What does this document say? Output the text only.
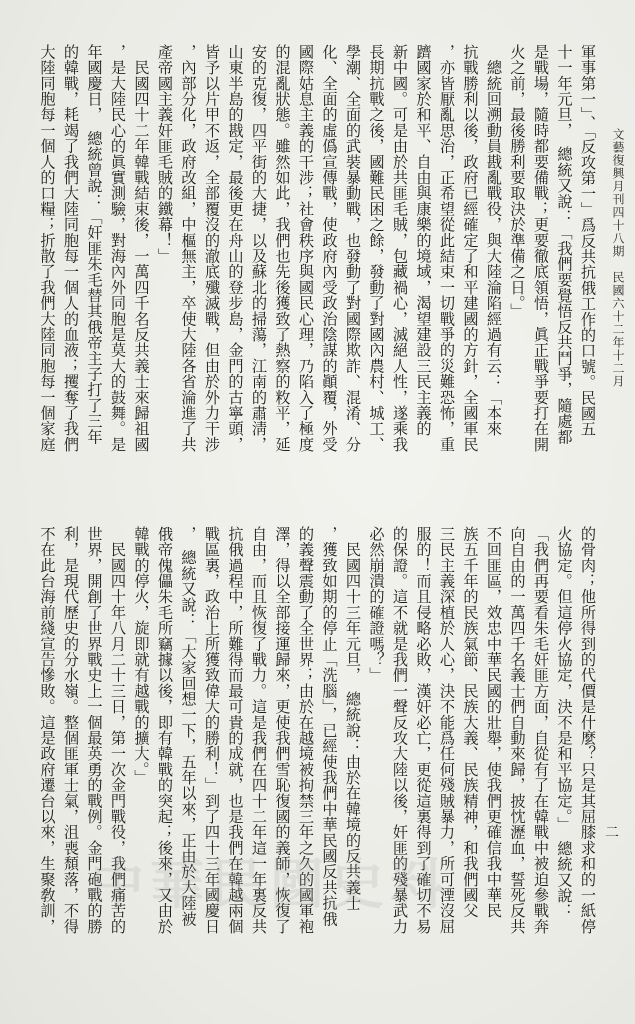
文藝復興月刊四十八期　民國六十二年十二月
二
軍事第一」、「反攻第一」爲反共抗俄工作的口號。民國五
十一年元旦，　總統又說：「我們要覺悟反共鬥爭，隨處都
是戰場，隨時都要備戰；更要徹底領悟，眞正戰爭要打在開
火之前，最後勝利要取決於準備之日。」
　總統回溯動員戡亂戰役，與大陸淪陷經過有云：「本來
抗戰勝利以後，政府已經確定了和平建國的方針，全國軍民
，亦皆厭亂思治，正希望從此結束一切戰爭的災難恐怖，重
躋國家於和平、自由與康樂的境域，渴望建設三民主義的
新中國。可是由於共匪毛賊，包藏禍心，滅絕人性，遂乘我
長期抗戰之後，國難民困之餘，發動了對國內農村、城工、
學潮、全面的武裝暴動戰，也發動了對國際欺詐、混淆、分
化、全面的虛僞宣傳戰，使政府內受政治陰謀的顚覆，外受
國際姑息主義的干涉；社會秩序與國民心理，乃陷入了極度
的混亂狀態。雖然如此，我們也先後獲致了熱察的敉平，延
安的克復，四平街的大捷，以及蘇北的掃蕩，江南的肅淸，
山東半島的戡定，最後更在舟山的登步島，金門的古寧頭，
皆予以片甲不返，全部覆沒的澈底殲滅戰，但由於外力干涉
，內部分化，政府改組，中樞無主，卒使大陸各省淪進了共
產帝國主義奸匪毛賊的鐵幕！」
　民國四十二年韓戰結束後，一萬四千名反共義士來歸祖國
，是大陸民心的眞實測驗，對海內外同胞是莫大的鼓舞。是
年國慶日，　總統曾說：「奸匪朱毛替其俄帝主子打了三年
的韓戰，耗竭了我們大陸同胞每一個人的血液；攫奪了我們
大陸同胞每一個人的口糧；折散了我們大陸同胞每一個家庭
的骨肉；他所得到的代價是什麼？只是其屈膝求和的一紙停
火協定。但這停火協定，決不是和平協定。」　總統又說：
「我們再要看朱毛奸匪方面，自從有了在韓戰中被迫參戰奔
向自由的一萬四千名義士們自動來歸，披忱瀝血，誓死反共
不回匪區，效忠中華民國的壯舉，使我們更確信我中華民
族五千年的民族氣節、民族大義、民族精神，和我們國父
三民主義深植於人心，決不能爲任何殘賊暴力，所可湮沒屈
服的！而且侵略必敗，漢奸必亡，更從這裏得到了確切不易
的保證。這不就是我們一聲反攻大陸以後，奸匪的殘暴武力
必然崩潰的確證嗎？」
　民國四十三年元旦，　總統說：由於在韓境的反共義士
，獲致如期的停止「洗腦」，已經使我們中華民國反共抗俄
的義聲震動了全世界；由於在越境被拘禁三年之久的國軍袍
澤，得以全部接運歸來，更使我們雪恥復國的義師，恢復了
自由，而且恢復了戰力。這是我們在四十二年這一年裏反共
抗俄過程中，所難得而最可貴的成就，也是我們在韓越兩個
戰區裏，政治上所獲致偉大的勝利！」到了四十三年國慶日
，　總統又說：「大家回想一下，五年以來，正由於大陸被
俄帝傀儡朱毛所竊據以後，即有韓戰的突起；後來，又由於
韓戰的停火，旋即就有越戰的擴大。」
　民國四十年八月二十三日，第一次金門戰役，我們痛苦的
世界，開創了世界戰史上一個最英勇的戰例。金門砲戰的勝
利，是現代歷史的分水嶺。整個匪軍士氣，沮喪頹落，不得
不在此台海前綫宣告慘敗。這是政府遷台以來，生聚敎訓， 中華民國史料
